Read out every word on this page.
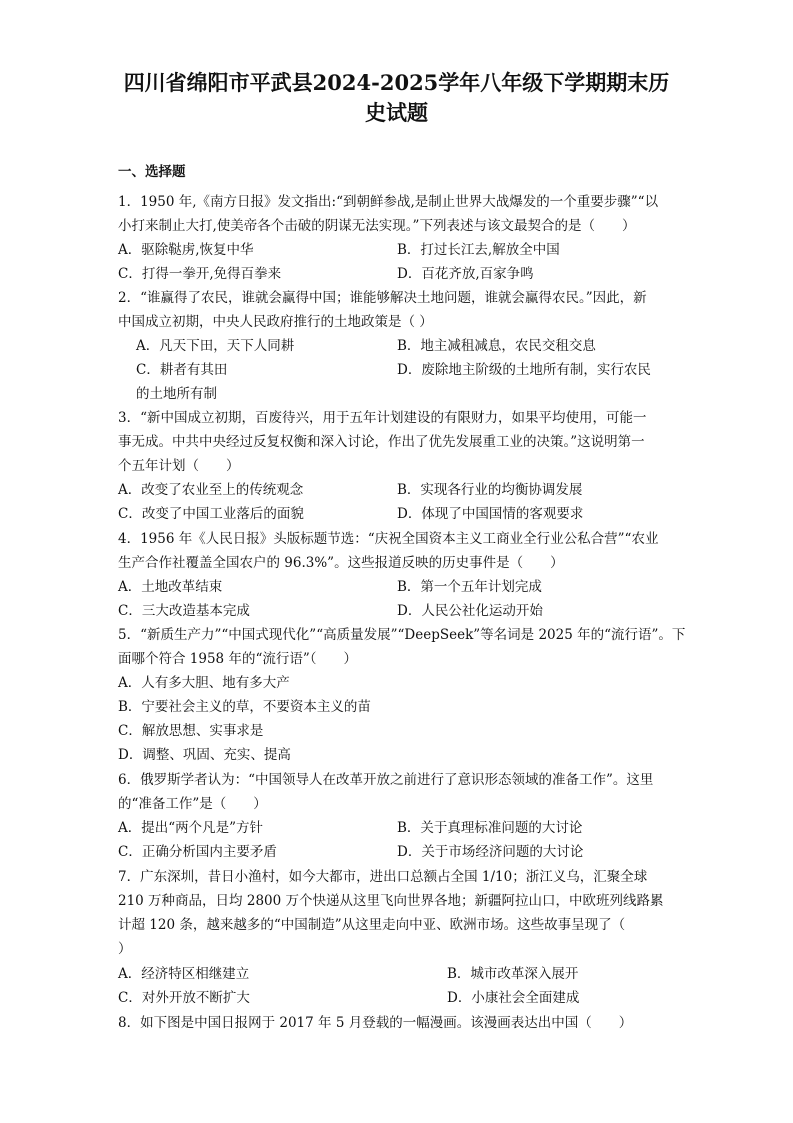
四川省绵阳市平武县2024-2025学年八年级下学期期末历
史试题
一、选择题
1．1950 年,《南方日报》发文指出:“到朝鲜参战,是制止世界大战爆发的一个重要步骤”“以
小打来制止大打,使美帝各个击破的阴谋无法实现。”下列表述与该文最契合的是（　　）
A．驱除鞑虏,恢复中华	B．打过长江去,解放全中国
C．打得一拳开,免得百拳来	D．百花齐放,百家争鸣
2．“谁赢得了农民，谁就会赢得中国；谁能够解决土地问题，谁就会赢得农民。”因此，新
中国成立初期，中央人民政府推行的土地政策是（ ）
A．凡天下田，天下人同耕	B．地主减租减息，农民交租交息
C．耕者有其田	D．废除地主阶级的土地所有制，实行农民
的土地所有制
3．“新中国成立初期，百废待兴，用于五年计划建设的有限财力，如果平均使用，可能一
事无成。中共中央经过反复权衡和深入讨论，作出了优先发展重工业的决策。”这说明第一
个五年计划（　　）
A．改变了农业至上的传统观念	B．实现各行业的均衡协调发展
C．改变了中国工业落后的面貌	D．体现了中国国情的客观要求
4．1956 年《人民日报》头版标题节选：“庆祝全国资本主义工商业全行业公私合营”“农业
生产合作社覆盖全国农户的 96.3%”。这些报道反映的历史事件是（　　）
A．土地改革结束	B．第一个五年计划完成
C．三大改造基本完成	D．人民公社化运动开始
5．“新质生产力”“中国式现代化”“高质量发展”“DeepSeek”等名词是 2025 年的“流行语”。下
面哪个符合 1958 年的“流行语”（　　）
A．人有多大胆、地有多大产
B．宁要社会主义的草，不要资本主义的苗
C．解放思想、实事求是
D．调整、巩固、充实、提高
6．俄罗斯学者认为：“中国领导人在改革开放之前进行了意识形态领域的准备工作”。这里
的“准备工作”是（　　）
A．提出“两个凡是”方针	B．关于真理标准问题的大讨论
C．正确分析国内主要矛盾	D．关于市场经济问题的大讨论
7．广东深圳，昔日小渔村，如今大都市，进出口总额占全国 1/10；浙江义乌，汇聚全球
210 万种商品，日均 2800 万个快递从这里飞向世界各地；新疆阿拉山口，中欧班列线路累
计超 120 条，越来越多的“中国制造”从这里走向中亚、欧洲市场。这些故事呈现了（
）
A．经济特区相继建立	B．城市改革深入展开
C．对外开放不断扩大	D．小康社会全面建成
8．如下图是中国日报网于 2017 年 5 月登载的一幅漫画。该漫画表达出中国（　　）
